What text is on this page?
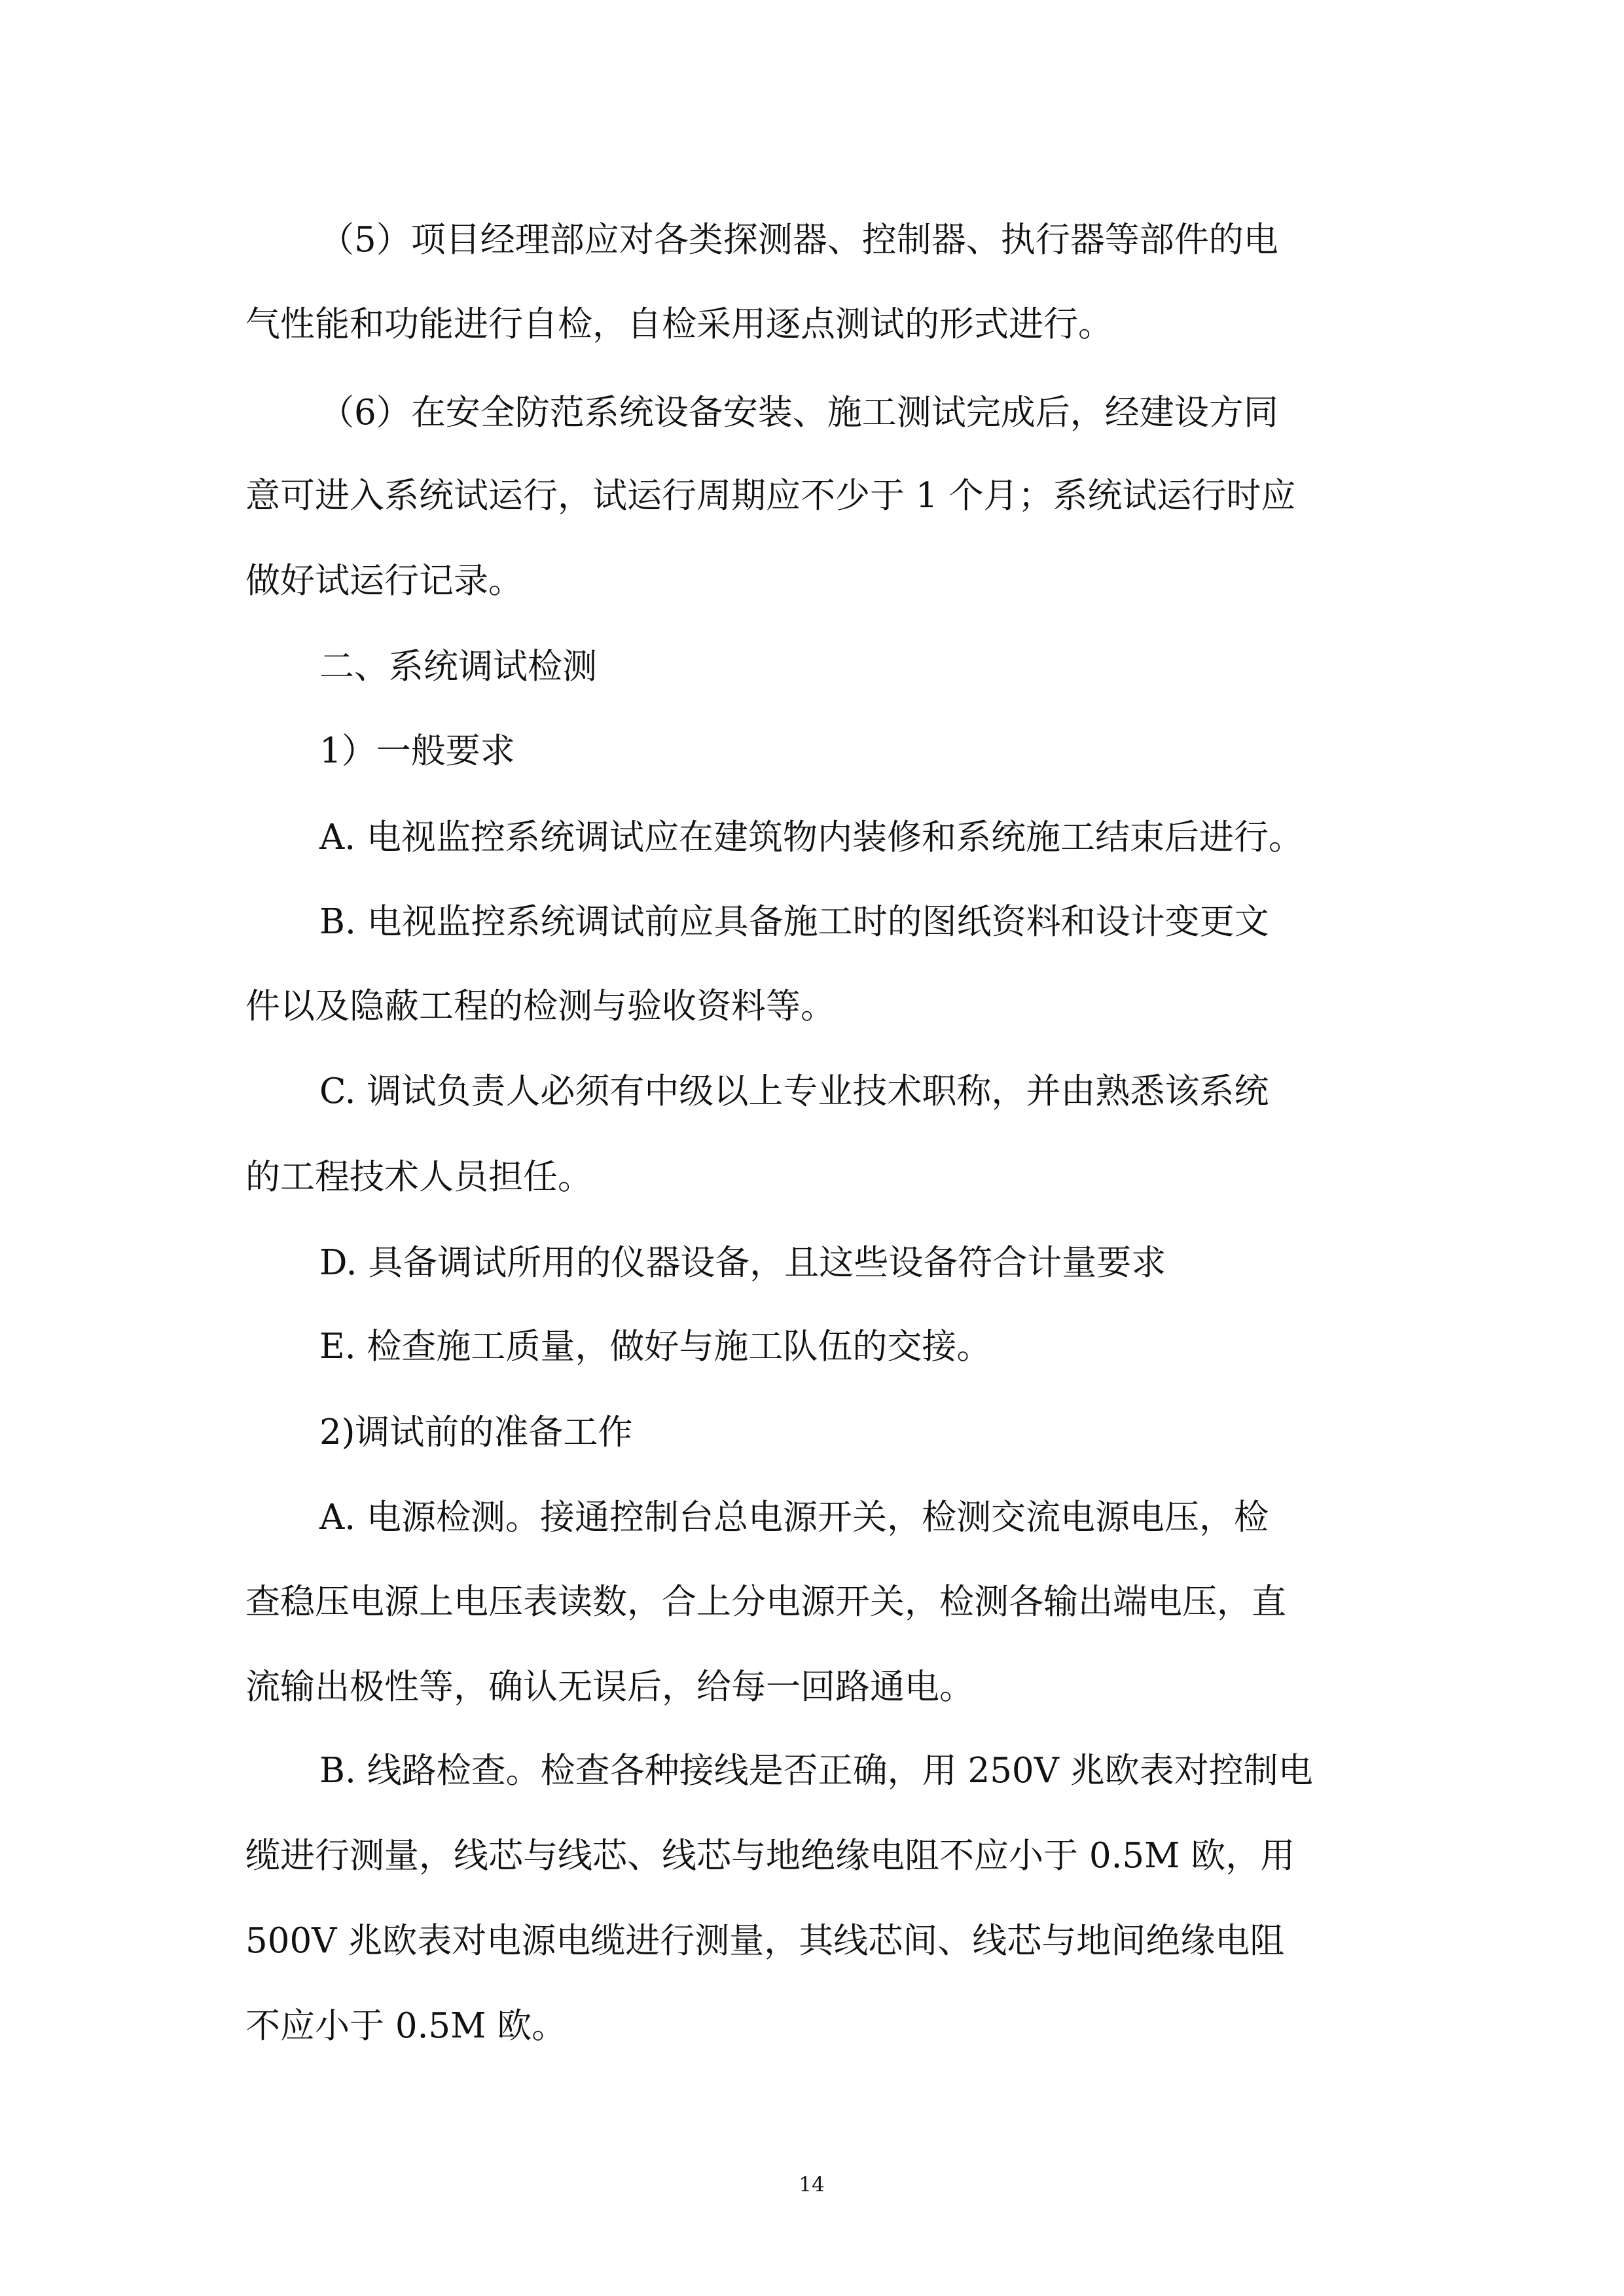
（5）项目经理部应对各类探测器、控制器、执行器等部件的电
气性能和功能进行自检，自检采用逐点测试的形式进行。
（6）在安全防范系统设备安装、施工测试完成后，经建设方同
意可进入系统试运行，试运行周期应不少于 1 个月；系统试运行时应
做好试运行记录。
二、系统调试检测
1）一般要求
A. 电视监控系统调试应在建筑物内装修和系统施工结束后进行。
B. 电视监控系统调试前应具备施工时的图纸资料和设计变更文
件以及隐蔽工程的检测与验收资料等。
C. 调试负责人必须有中级以上专业技术职称，并由熟悉该系统
的工程技术人员担任。
D. 具备调试所用的仪器设备，且这些设备符合计量要求
E. 检查施工质量，做好与施工队伍的交接。
2)调试前的准备工作
A. 电源检测。接通控制台总电源开关，检测交流电源电压，检
查稳压电源上电压表读数，合上分电源开关，检测各输出端电压，直
流输出极性等，确认无误后，给每一回路通电。
B. 线路检查。检查各种接线是否正确，用 250V 兆欧表对控制电
缆进行测量，线芯与线芯、线芯与地绝缘电阻不应小于 0.5M 欧，用
500V 兆欧表对电源电缆进行测量，其线芯间、线芯与地间绝缘电阻
不应小于 0.5M 欧。
14
